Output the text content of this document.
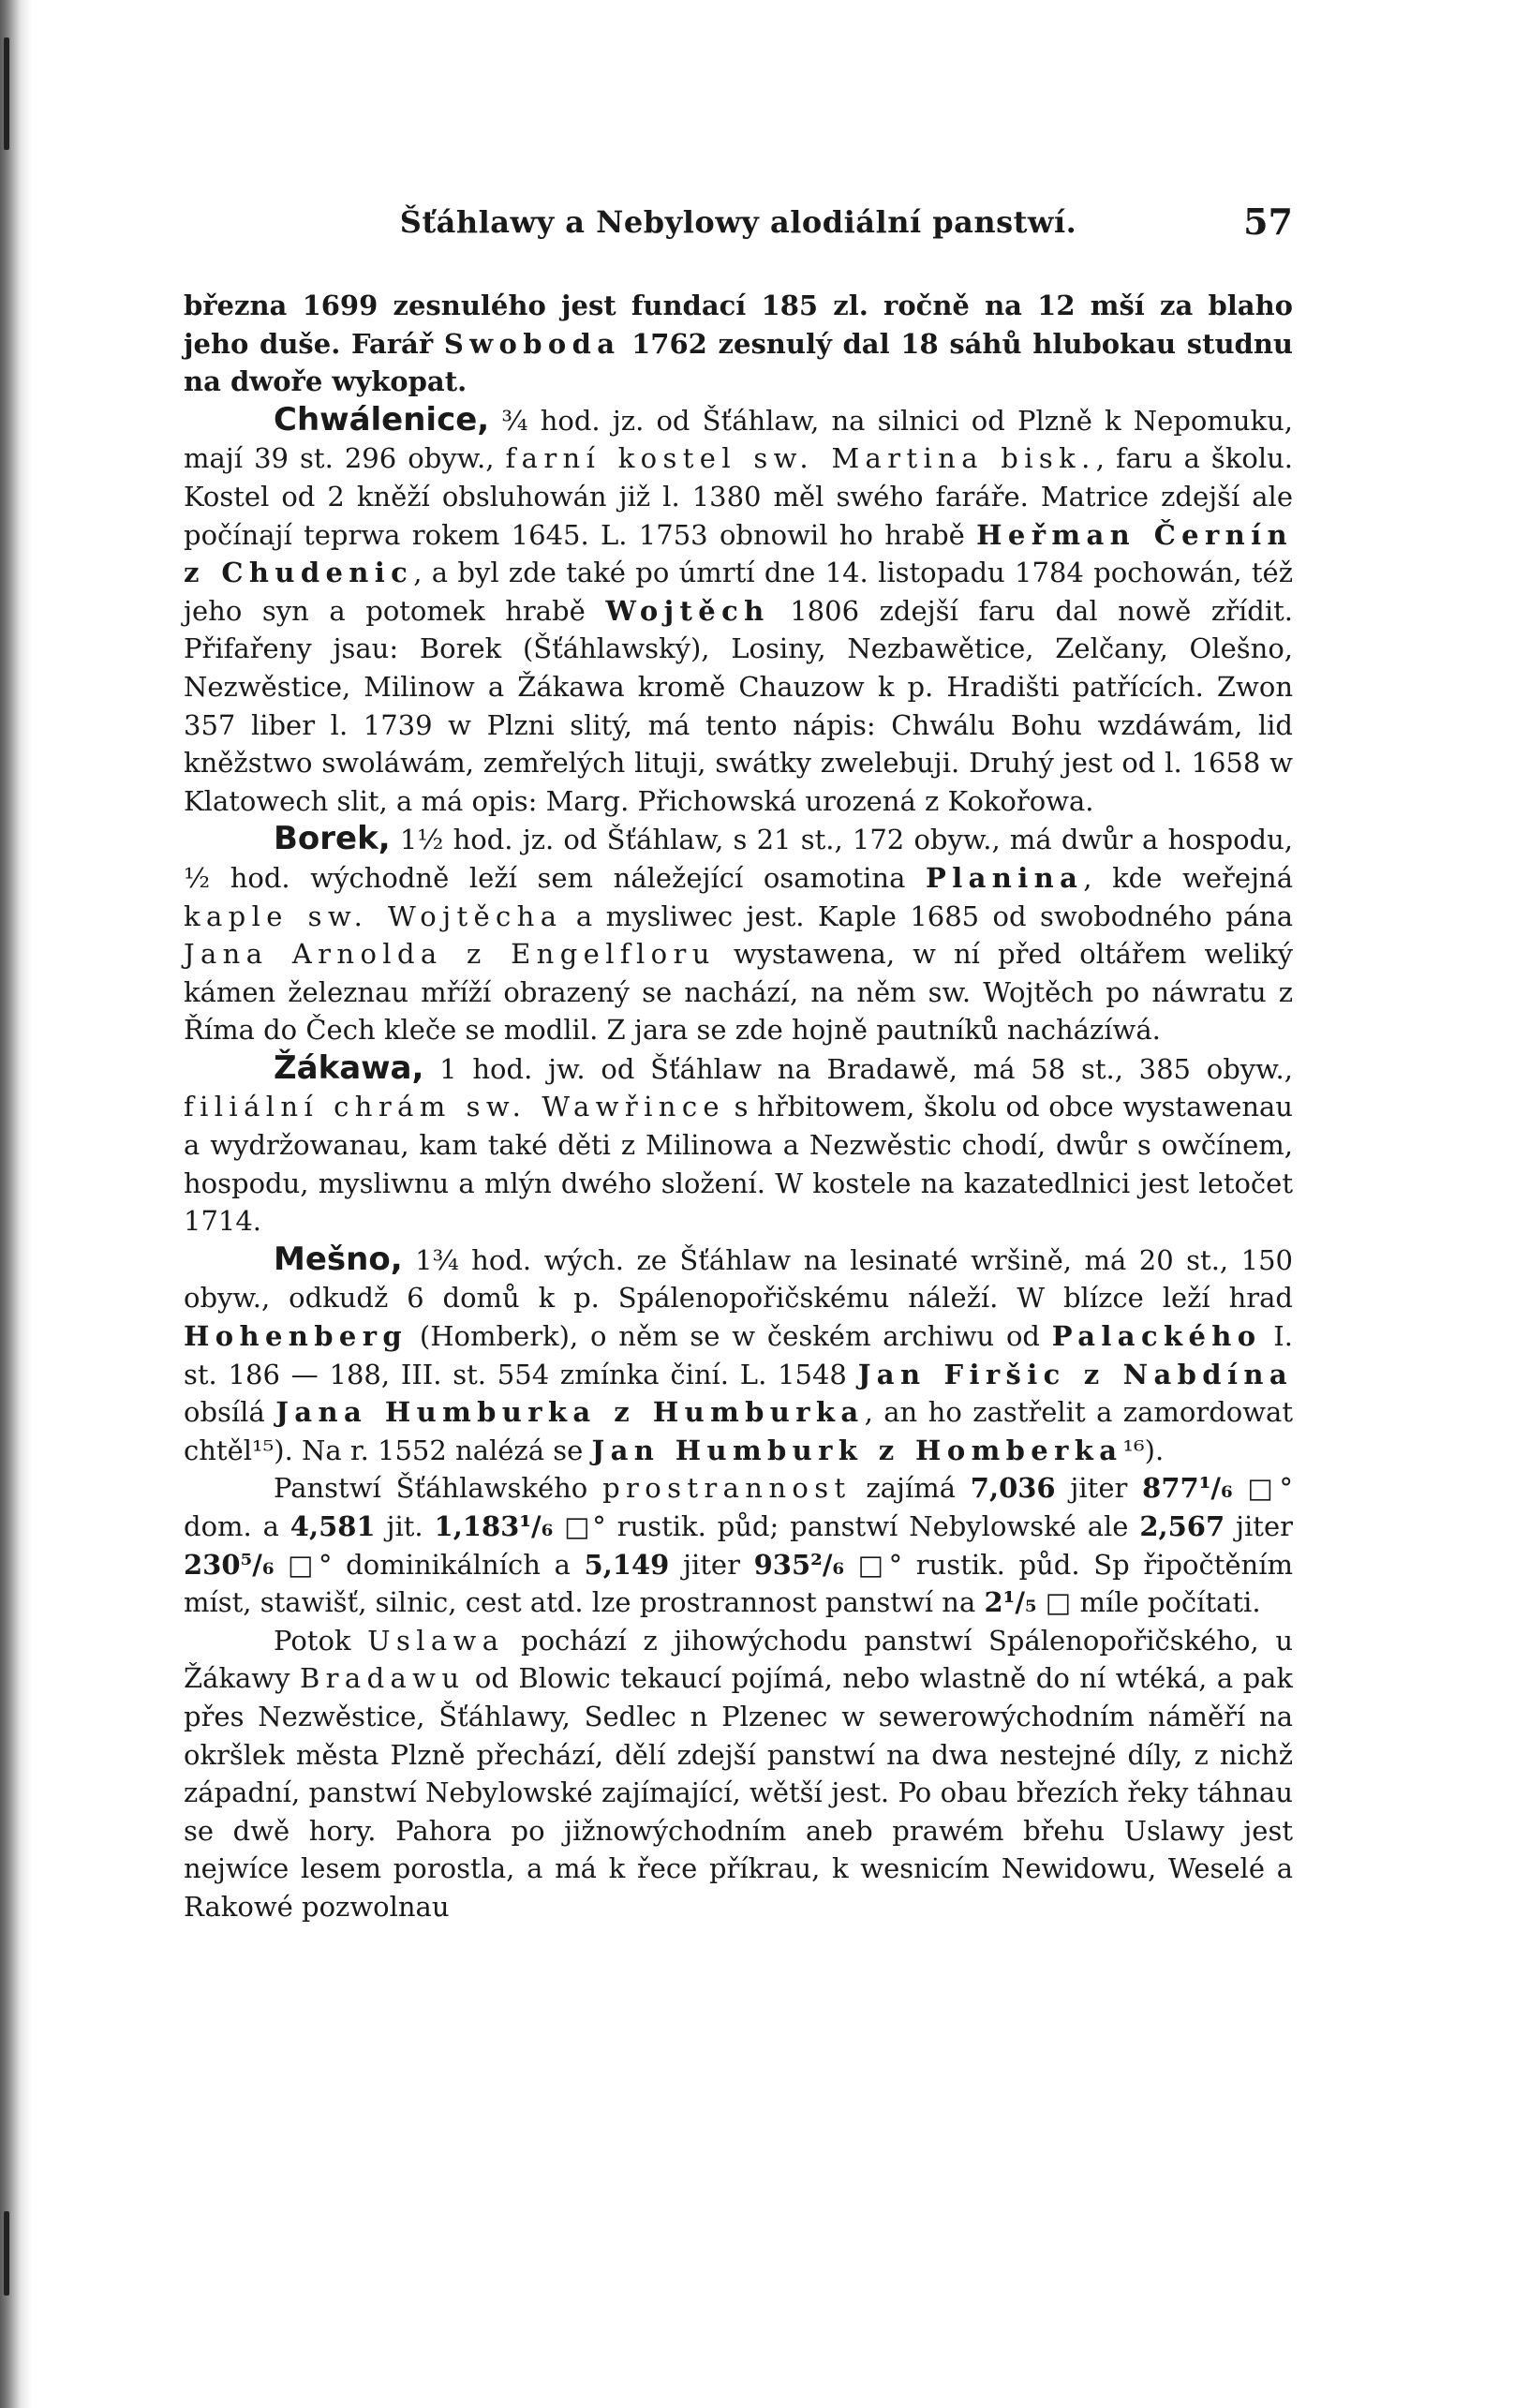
Šťáhlawy a Nebylowy alodiální panstwí.	57

března 1699 zesnulého jest fundací 185 zl. ročně na 12 mší za blaho jeho duše. Farář Swoboda 1762 zesnulý dal 18 sáhů hlubokau studnu na dwoře wykopat.

Chwálenice, ¾ hod. jz. od Šťáhlaw, na silnici od Plzně k Nepomuku, mají 39 st. 296 obyw., farní kostel sw. Martina bisk., faru a školu. Kostel od 2 kněží obsluhowán již l. 1380 měl swého faráře. Matrice zdejší ale počínají teprwa rokem 1645. L. 1753 obnowil ho hrabě Heřman Černín z Chudenic, a byl zde také po úmrtí dne 14. listopadu 1784 pochowán, též jeho syn a potomek hrabě Wojtěch 1806 zdejší faru dal nowě zřídit. Přifařeny jsau: Borek (Šťáhlawský), Losiny, Nezbawětice, Zelčany, Olešno, Nezwěstice, Milinow a Žákawa kromě Chauzow k p. Hradišti patřících. Zwon 357 liber l. 1739 w Plzni slitý, má tento nápis: Chwálu Bohu wzdáwám, lid kněžstwo swoláwám, zemřelých lituji, swátky zwelebuji. Druhý jest od l. 1658 w Klatowech slit, a má opis: Marg. Přichowská urozená z Kokořowa.

Borek, 1½ hod. jz. od Šťáhlaw, s 21 st., 172 obyw., má dwůr a hospodu, ½ hod. wýchodně leží sem náležející osamotina Planina, kde weřejná kaple sw. Wojtěcha a mysliwec jest. Kaple 1685 od swobodného pána Jana Arnolda z Engelfloru wystawena, w ní před oltářem weliký kámen železnau mříží obrazený se nachází, na něm sw. Wojtěch po náwratu z Říma do Čech kleče se modlil. Z jara se zde hojně pautníků nacházíwá.

Žákawa, 1 hod. jw. od Šťáhlaw na Bradawě, má 58 st., 385 obyw., filiální chrám sw. Wawřince s hřbitowem, školu od obce wystawenau a wydržowanau, kam také děti z Milinowa a Nezwěstic chodí, dwůr s owčínem, hospodu, mysliwnu a mlýn dwého složení. W kostele na kazatedlnici jest letočet 1714.

Mešno, 1¾ hod. wých. ze Šťáhlaw na lesinaté wršině, má 20 st., 150 obyw., odkudž 6 domů k p. Spálenopořičskému náleží. W blízce leží hrad Hohenberg (Homberk), o něm se w českém archiwu od Palackého I. st. 186 — 188, III. st. 554 zmínka činí. L. 1548 Jan Firšic z Nabdína obsílá Jana Humburka z Humburka, an ho zastřelit a zamordowat chtěl¹⁵). Na r. 1552 nalézá se Jan Humburk z Homberka¹⁶).

Panstwí Šťáhlawského prostrannost zajímá 7,036 jiter 877¹/₆ □° dom. a 4,581 jit. 1,183¹/₆ □° rustik. půd; panstwí Nebylowské ale 2,567 jiter 230⁵/₆ □° dominikálních a 5,149 jiter 935²/₆ □° rustik. půd. Sp řipočtěním míst, stawišť, silnic, cest atd. lze prostrannost panstwí na 2¹/₅ □ míle počítati.

Potok Uslawa pochází z jihowýchodu panstwí Spálenopořičského, u Žákawy Bradawu od Blowic tekaucí pojímá, nebo wlastně do ní wtéká, a pak přes Nezwěstice, Šťáhlawy, Sedlec n Plzenec w sewerowýchodním náměří na okršlek města Plzně přechází, dělí zdejší panstwí na dwa nestejné díly, z nichž západní, panstwí Nebylowské zajímající, wětší jest. Po obau březích řeky táhnau se dwě hory. Pahora po jižnowýchodním aneb prawém břehu Uslawy jest nejwíce lesem porostla, a má k řece příkrau, k wesnicím Newidowu, Weselé a Rakowé pozwolnau
